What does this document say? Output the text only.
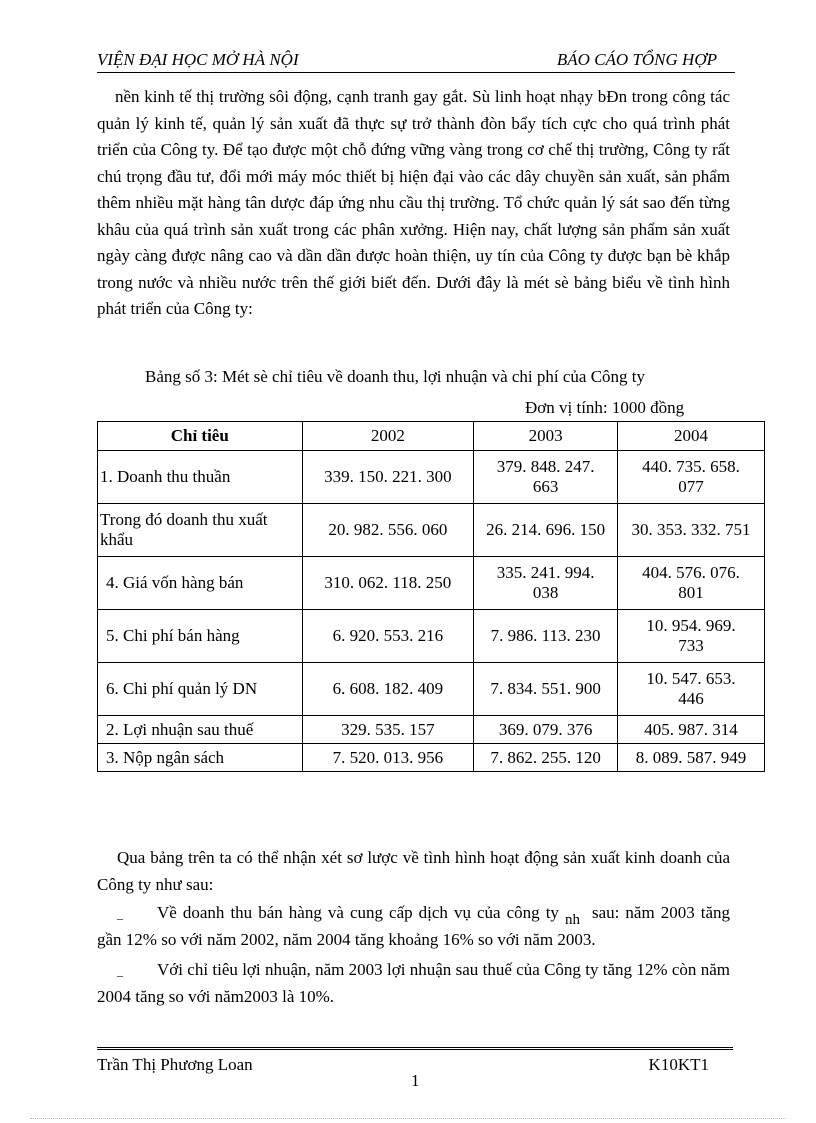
VIỆN ĐẠI HỌC MỞ HÀ NỘI	BÁO CÁO TỔNG HỢP

nền kinh tế thị trường sôi động, cạnh tranh gay gắt. Sù linh hoạt nhạy bĐn trong công tác quản lý kinh tế, quản lý sản xuất đã thực sự trở thành đòn bẩy tích cực cho quá trình phát triển của Công ty. Để tạo được một chỗ đứng vững vàng trong cơ chế thị trường, Công ty rất chú trọng đầu tư, đổi mới máy móc thiết bị hiện đại vào các dây chuyền sản xuất, sản phẩm thêm nhiều mặt hàng tân dược đáp ứng nhu cầu thị trường. Tổ chức quản lý sát sao đến từng khâu của quá trình sản xuất trong các phân xưởng. Hiện nay, chất lượng sản phẩm sản xuất ngày càng được nâng cao và dần dần được hoàn thiện, uy tín của Công ty được bạn bè khắp trong nước và nhiều nước trên thế giới biết đến. Dưới đây là mét sè bảng biểu về tình hình phát triển của Công ty:

Bảng số 3: Mét sè chỉ tiêu về doanh thu, lợi nhuận và chi phí của Công ty
Đơn vị tính: 1000 đồng
Chỉ tiêu	2002	2003	2004
1. Doanh thu thuần	339. 150. 221. 300	379. 848. 247. 663	440. 735. 658. 077
Trong đó doanh thu xuất khẩu	20. 982. 556. 060	26. 214. 696. 150	30. 353. 332. 751
4. Giá vốn hàng bán	310. 062. 118. 250	335. 241. 994. 038	404. 576. 076. 801
5. Chi phí bán hàng	6. 920. 553. 216	7. 986. 113. 230	10. 954. 969. 733
6. Chi phí quản lý DN	6. 608. 182. 409	7. 834. 551. 900	10. 547. 653. 446
2. Lợi nhuận sau thuế	329. 535. 157	369. 079. 376	405. 987. 314
3. Nộp ngân sách	7. 520. 013. 956	7. 862. 255. 120	8. 089. 587. 949

Qua bảng trên ta có thể nhận xét sơ lược về tình hình hoạt động sản xuất kinh doanh của Công ty như sau:

_ Về doanh thu bán hàng và cung cấp dịch vụ của công ty nh sau: năm 2003 tăng gần 12% so với năm 2002, năm 2004 tăng khoảng 16% so với năm 2003.

_ Với chỉ tiêu lợi nhuận, năm 2003 lợi nhuận sau thuế của Công ty tăng 12% còn năm 2004 tăng so với năm2003 là 10%.

Trần Thị Phương Loan	K10KT1
1
